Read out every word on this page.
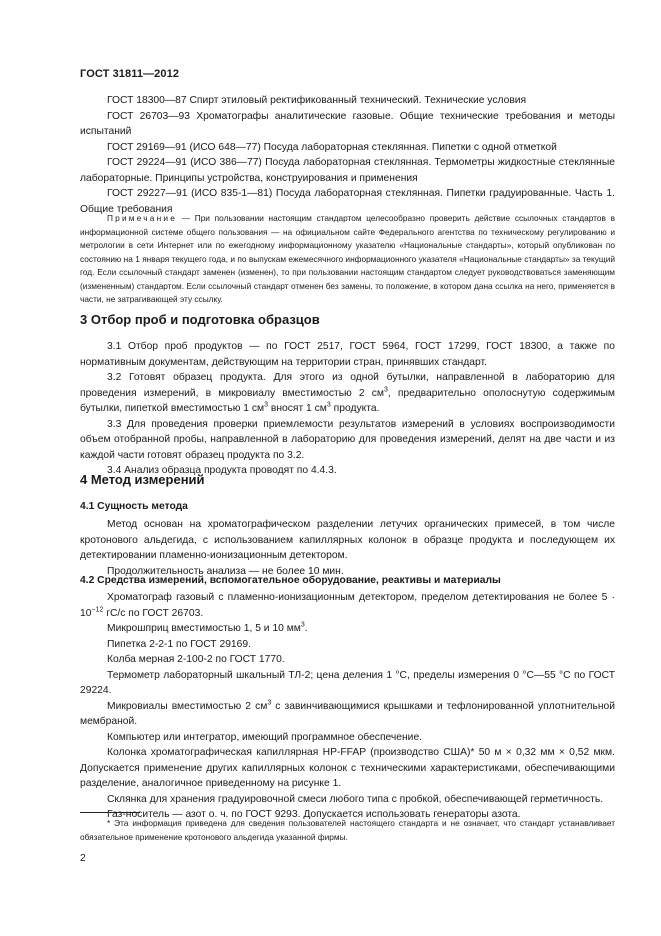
ГОСТ 31811—2012

ГОСТ 18300—87 Спирт этиловый ректификованный технический. Технические условия

ГОСТ 26703—93 Хроматографы аналитические газовые. Общие технические требования и методы испытаний

ГОСТ 29169—91 (ИСО 648—77) Посуда лабораторная стеклянная. Пипетки с одной отметкой

ГОСТ 29224—91 (ИСО 386—77) Посуда лабораторная стеклянная. Термометры жидкостные стеклянные лабораторные. Принципы устройства, конструирования и применения

ГОСТ 29227—91 (ИСО 835-1—81) Посуда лабораторная стеклянная. Пипетки градуированные. Часть 1. Общие требования

Примечание — При пользовании настоящим стандартом целесообразно проверить действие ссылочных стандартов в информационной системе общего пользования — на официальном сайте Федерального агентства по техническому регулированию и метрологии в сети Интернет или по ежегодному информационному указателю «Национальные стандарты», который опубликован по состоянию на 1 января текущего года, и по выпускам ежемесячного информационного указателя «Национальные стандарты» за текущий год. Если ссылочный стандарт заменен (изменен), то при пользовании настоящим стандартом следует руководствоваться заменяющим (измененным) стандартом. Если ссылочный стандарт отменен без замены, то положение, в котором дана ссылка на него, применяется в части, не затрагивающей эту ссылку.

3 Отбор проб и подготовка образцов

3.1 Отбор проб продуктов — по ГОСТ 2517, ГОСТ 5964, ГОСТ 17299, ГОСТ 18300, а также по нормативным документам, действующим на территории стран, принявших стандарт.

3.2 Готовят образец продукта. Для этого из одной бутылки, направленной в лабораторию для проведения измерений, в микровиалу вместимостью 2 $см^3$, предварительно ополоснутую содержимым бутылки, пипеткой вместимостью 1 $см^3$ вносят 1 $см^3$ продукта.

3.3 Для проведения проверки приемлемости результатов измерений в условиях воспроизводимости объем отобранной пробы, направленной в лабораторию для проведения измерений, делят на две части и из каждой части готовят образец продукта по 3.2.

3.4 Анализ образца продукта проводят по 4.4.3.

4 Метод измерений
4.1 Сущность метода

Метод основан на хроматографическом разделении летучих органических примесей, в том числе кротонового альдегида, с использованием капиллярных колонок в образце продукта и последующем их детектировании пламенно-ионизационным детектором.

Продолжительность анализа — не более 10 мин.

4.2 Средства измерений, вспомогательное оборудование, реактивы и материалы

Хроматограф газовый с пламенно-ионизационным детектором, пределом детектирования не более $5 \cdot 10^{-12}$ гС/с по ГОСТ 26703.

Микрошприц вместимостью 1, 5 и 10 $мм^3$.

Пипетка 2-2-1 по ГОСТ 29169.

Колба мерная 2-100-2 по ГОСТ 1770.

Термометр лабораторный шкальный ТЛ-2; цена деления 1 °С, пределы измерения 0 °С—55 °С по ГОСТ 29224.

Микровиалы вместимостью 2 $см^3$ с завинчивающимися крышками и тефлонированной уплотнительной мембраной.

Компьютер или интегратор, имеющий программное обеспечение.

Колонка хроматографическая капиллярная HP-FFAP (производство США)* 50 м × 0,32 мм × 0,52 мкм. Допускается применение других капиллярных колонок с техническими характеристиками, обеспечивающими разделение, аналогичное приведенному на рисунке 1.

Склянка для хранения градуировочной смеси любого типа с пробкой, обеспечивающей герметичность.

Газ-носитель — азот о. ч. по ГОСТ 9293. Допускается использовать генераторы азота.

* Эта информация приведена для сведения пользователей настоящего стандарта и не означает, что стандарт устанавливает обязательное применение кротонового альдегида указанной фирмы.

2
